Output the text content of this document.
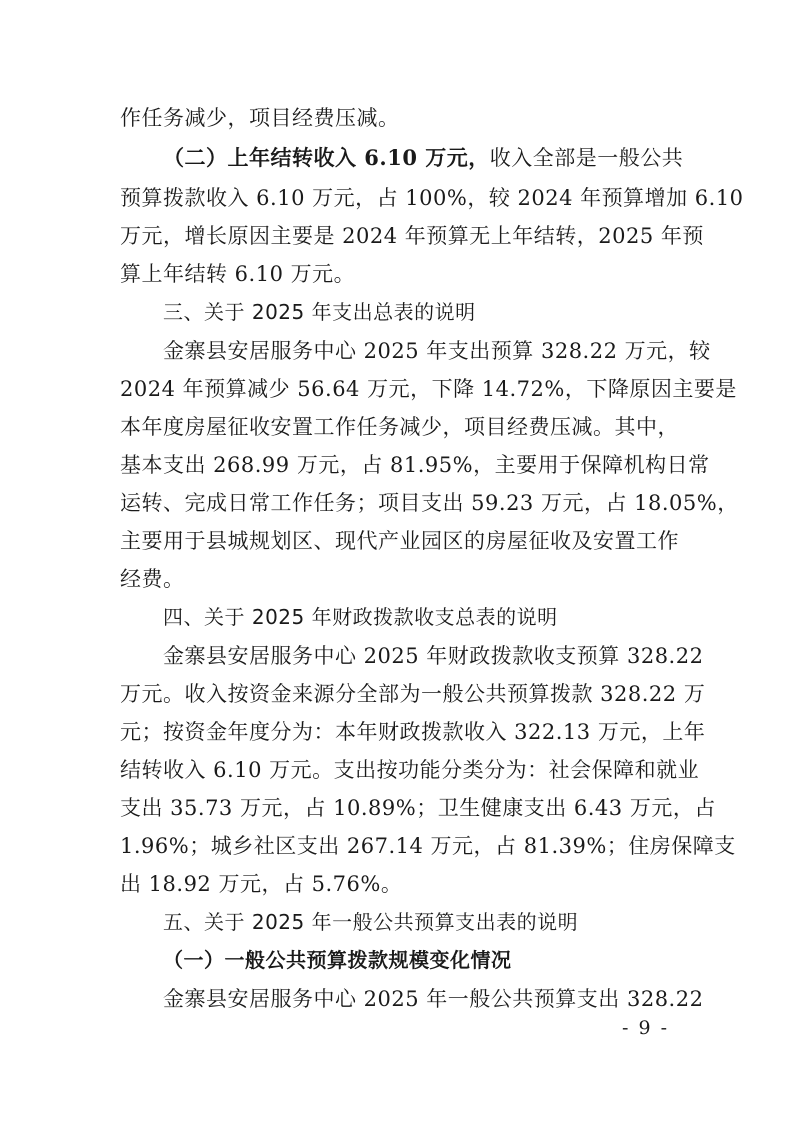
作任务减少，项目经费压减。
（二）上年结转收入 6.10 万元，收入全部是一般公共
预算拨款收入 6.10 万元，占 100%，较 2024 年预算增加 6.10
万元，增长原因主要是 2024 年预算无上年结转，2025 年预
算上年结转 6.10 万元。
三、关于 2025 年支出总表的说明
金寨县安居服务中心 2025 年支出预算 328.22 万元，较
2024 年预算减少 56.64 万元，下降 14.72%，下降原因主要是
本年度房屋征收安置工作任务减少，项目经费压减。其中，
基本支出 268.99 万元，占 81.95%，主要用于保障机构日常
运转、完成日常工作任务；项目支出 59.23 万元，占 18.05%，
主要用于县城规划区、现代产业园区的房屋征收及安置工作
经费。
四、关于 2025 年财政拨款收支总表的说明
金寨县安居服务中心 2025 年财政拨款收支预算 328.22
万元。收入按资金来源分全部为一般公共预算拨款 328.22 万
元；按资金年度分为：本年财政拨款收入 322.13 万元，上年
结转收入 6.10 万元。支出按功能分类分为：社会保障和就业
支出 35.73 万元，占 10.89%；卫生健康支出 6.43 万元，占
1.96%；城乡社区支出 267.14 万元，占 81.39%；住房保障支
出 18.92 万元，占 5.76%。
五、关于 2025 年一般公共预算支出表的说明
（一）一般公共预算拨款规模变化情况
金寨县安居服务中心 2025 年一般公共预算支出 328.22
- 9 -
